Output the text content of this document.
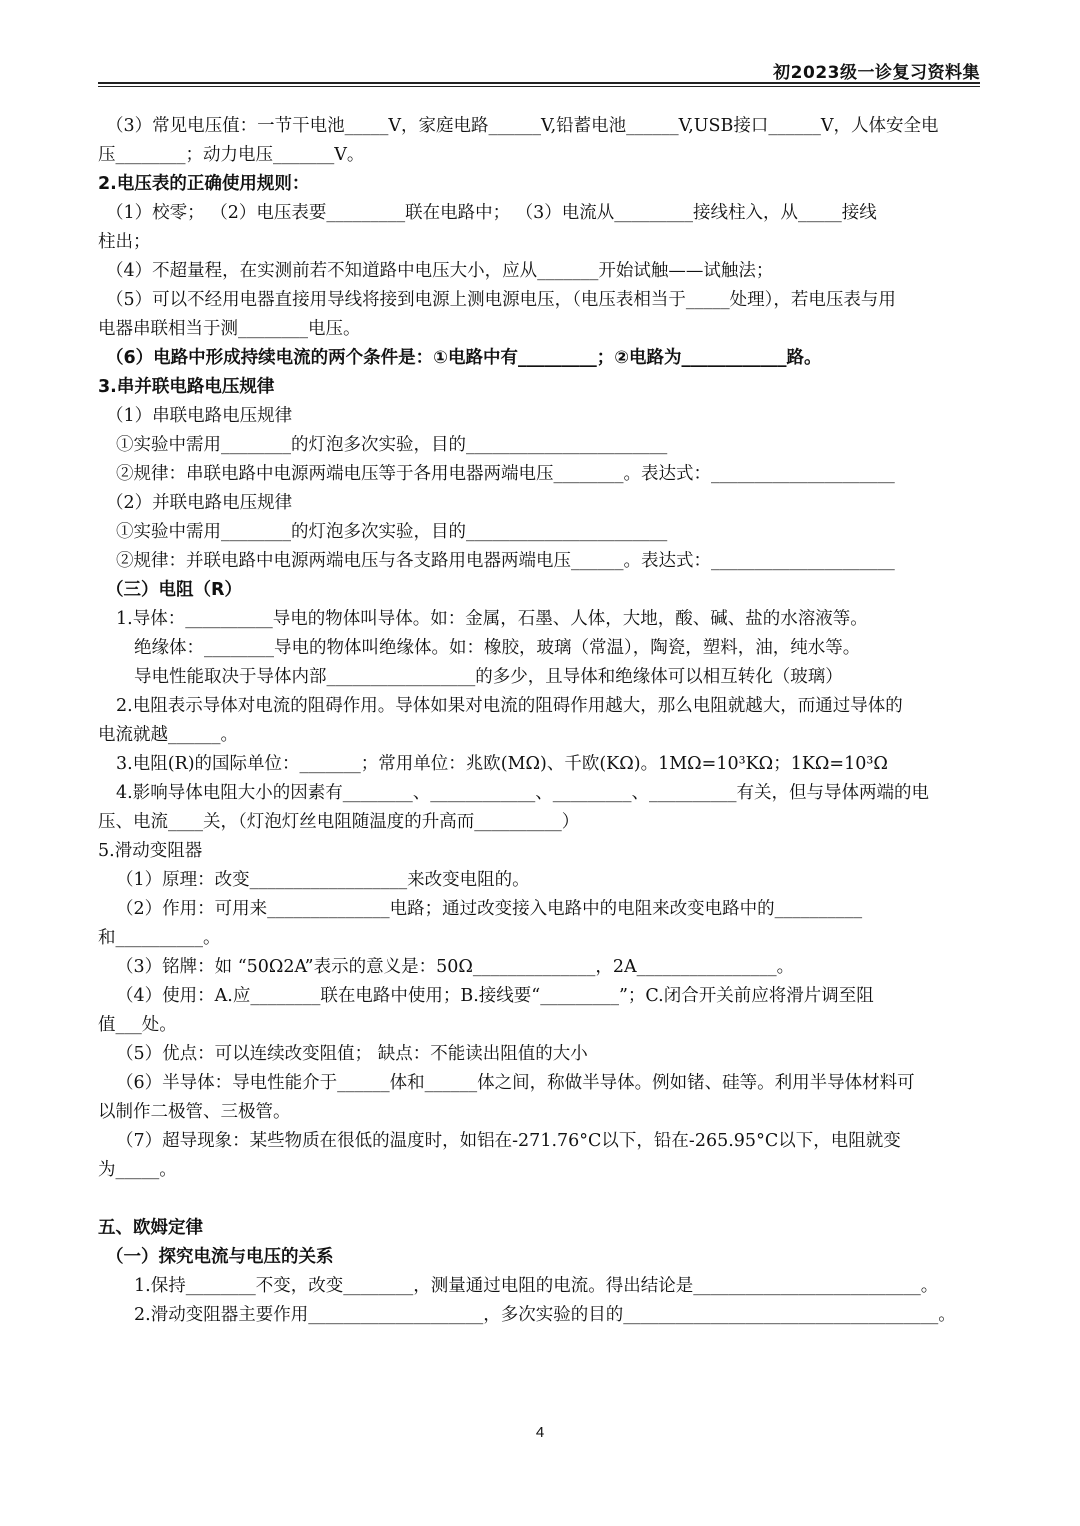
初2023级一诊复习资料集
（3）常见电压值：一节干电池_____V，家庭电路______V,铅蓄电池______V,USB接口______V，人体安全电
压________；动力电压_______V。
2.电压表的正确使用规则：
（1）校零； （2）电压表要_________联在电路中； （3）电流从_________接线柱入，从_____接线
柱出；
（4）不超量程，在实测前若不知道路中电压大小，应从_______开始试触——试触法；
（5）可以不经用电器直接用导线将接到电源上测电源电压，（电压表相当于_____处理），若电压表与用
电器串联相当于测________电压。
（6）电路中形成持续电流的两个条件是：①电路中有_________；②电路为____________路。
3.串并联电路电压规律
（1）串联电路电压规律
①实验中需用________的灯泡多次实验，目的_______________________
②规律：串联电路中电源两端电压等于各用电器两端电压________。表达式：_____________________
（2）并联电路电压规律
①实验中需用________的灯泡多次实验，目的_______________________
②规律：并联电路中电源两端电压与各支路用电器两端电压______。表达式：_____________________
（三）电阻（R）
1.导体：__________导电的物体叫导体。如：金属，石墨、人体，大地，酸、碱、盐的水溶液等。
绝缘体：________导电的物体叫绝缘体。如：橡胶，玻璃（常温），陶瓷，塑料，油，纯水等。
导电性能取决于导体内部_________________的多少，且导体和绝缘体可以相互转化（玻璃）
2.电阻表示导体对电流的阻碍作用。导体如果对电流的阻碍作用越大，那么电阻就越大，而通过导体的
电流就越______。
3.电阻(R)的国际单位：_______；常用单位：兆欧(MΩ)、千欧(KΩ)。1MΩ=10³KΩ；1KΩ=10³Ω
4.影响导体电阻大小的因素有________、____________、_________、__________有关，但与导体两端的电
压、电流____关，（灯泡灯丝电阻随温度的升高而__________）
5.滑动变阻器
（1）原理：改变__________________来改变电阻的。
（2）作用：可用来______________电路；通过改变接入电路中的电阻来改变电路中的__________
和__________。
（3）铭牌：如 “50Ω2A”表示的意义是：50Ω______________，2A________________。
（4）使用：A.应________联在电路中使用；B.接线要“_________”；C.闭合开关前应将滑片调至阻
值___处。
（5）优点：可以连续改变阻值； 缺点：不能读出阻值的大小
（6）半导体：导电性能介于______体和______体之间，称做半导体。例如锗、硅等。利用半导体材料可
以制作二极管、三极管。
（7）超导现象：某些物质在很低的温度时，如铝在-271.76°C以下，铅在-265.95°C以下，电阻就变
为_____。
五、欧姆定律
（一）探究电流与电压的关系
1.保持________不变，改变________，测量通过电阻的电流。得出结论是__________________________。
2.滑动变阻器主要作用____________________，多次实验的目的____________________________________。
4
